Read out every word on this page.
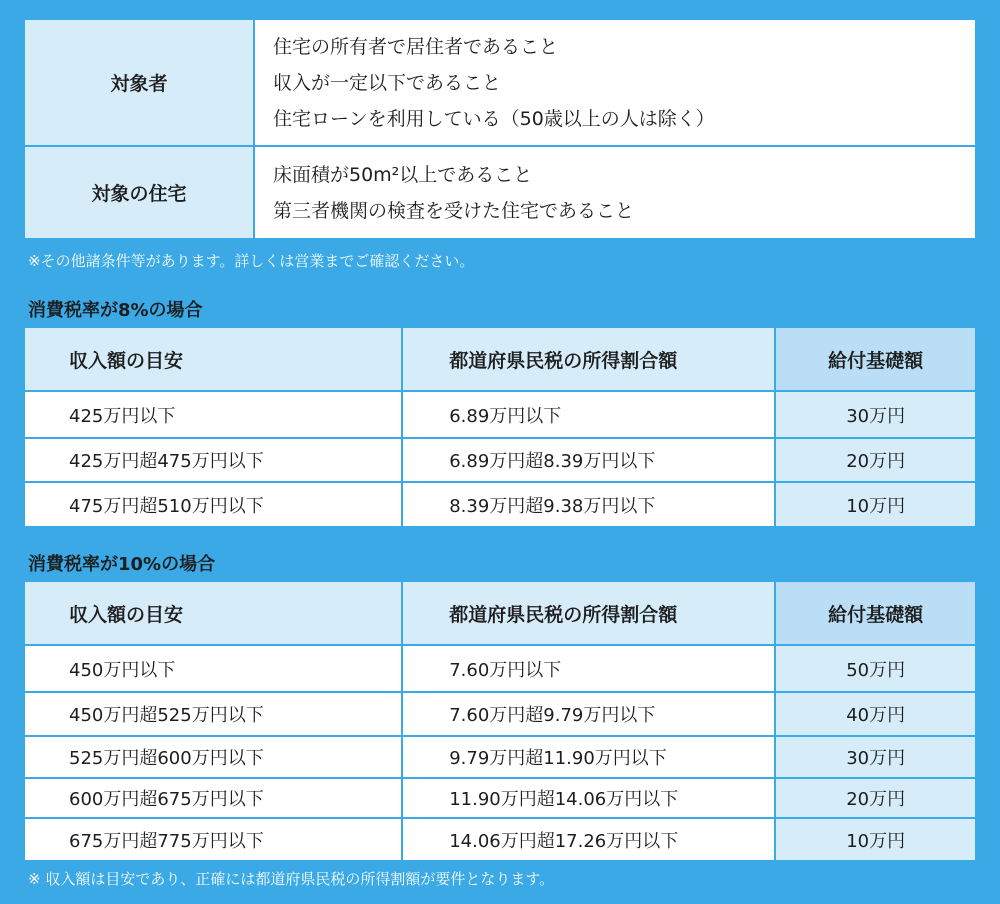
対象者	住宅の所有者で居住者であること
収入が一定以下であること
住宅ローンを利用している（50歳以上の人は除く）

対象の住宅	床面積が50m²以上であること
第三者機関の検査を受けた住宅であること
※その他諸条件等があります。詳しくは営業までご確認ください。
消費税率が8%の場合
収入額の目安	都道府県民税の所得割合額	給付基礎額
425万円以下	6.89万円以下	30万円
425万円超475万円以下	6.89万円超8.39万円以下	20万円
475万円超510万円以下	8.39万円超9.38万円以下	10万円
消費税率が10%の場合
収入額の目安	都道府県民税の所得割合額	給付基礎額
450万円以下	7.60万円以下	50万円
450万円超525万円以下	7.60万円超9.79万円以下	40万円
525万円超600万円以下	9.79万円超11.90万円以下	30万円
600万円超675万円以下	11.90万円超14.06万円以下	20万円
675万円超775万円以下	14.06万円超17.26万円以下	10万円
※ 収入額は目安であり、正確には都道府県民税の所得割額が要件となります。
